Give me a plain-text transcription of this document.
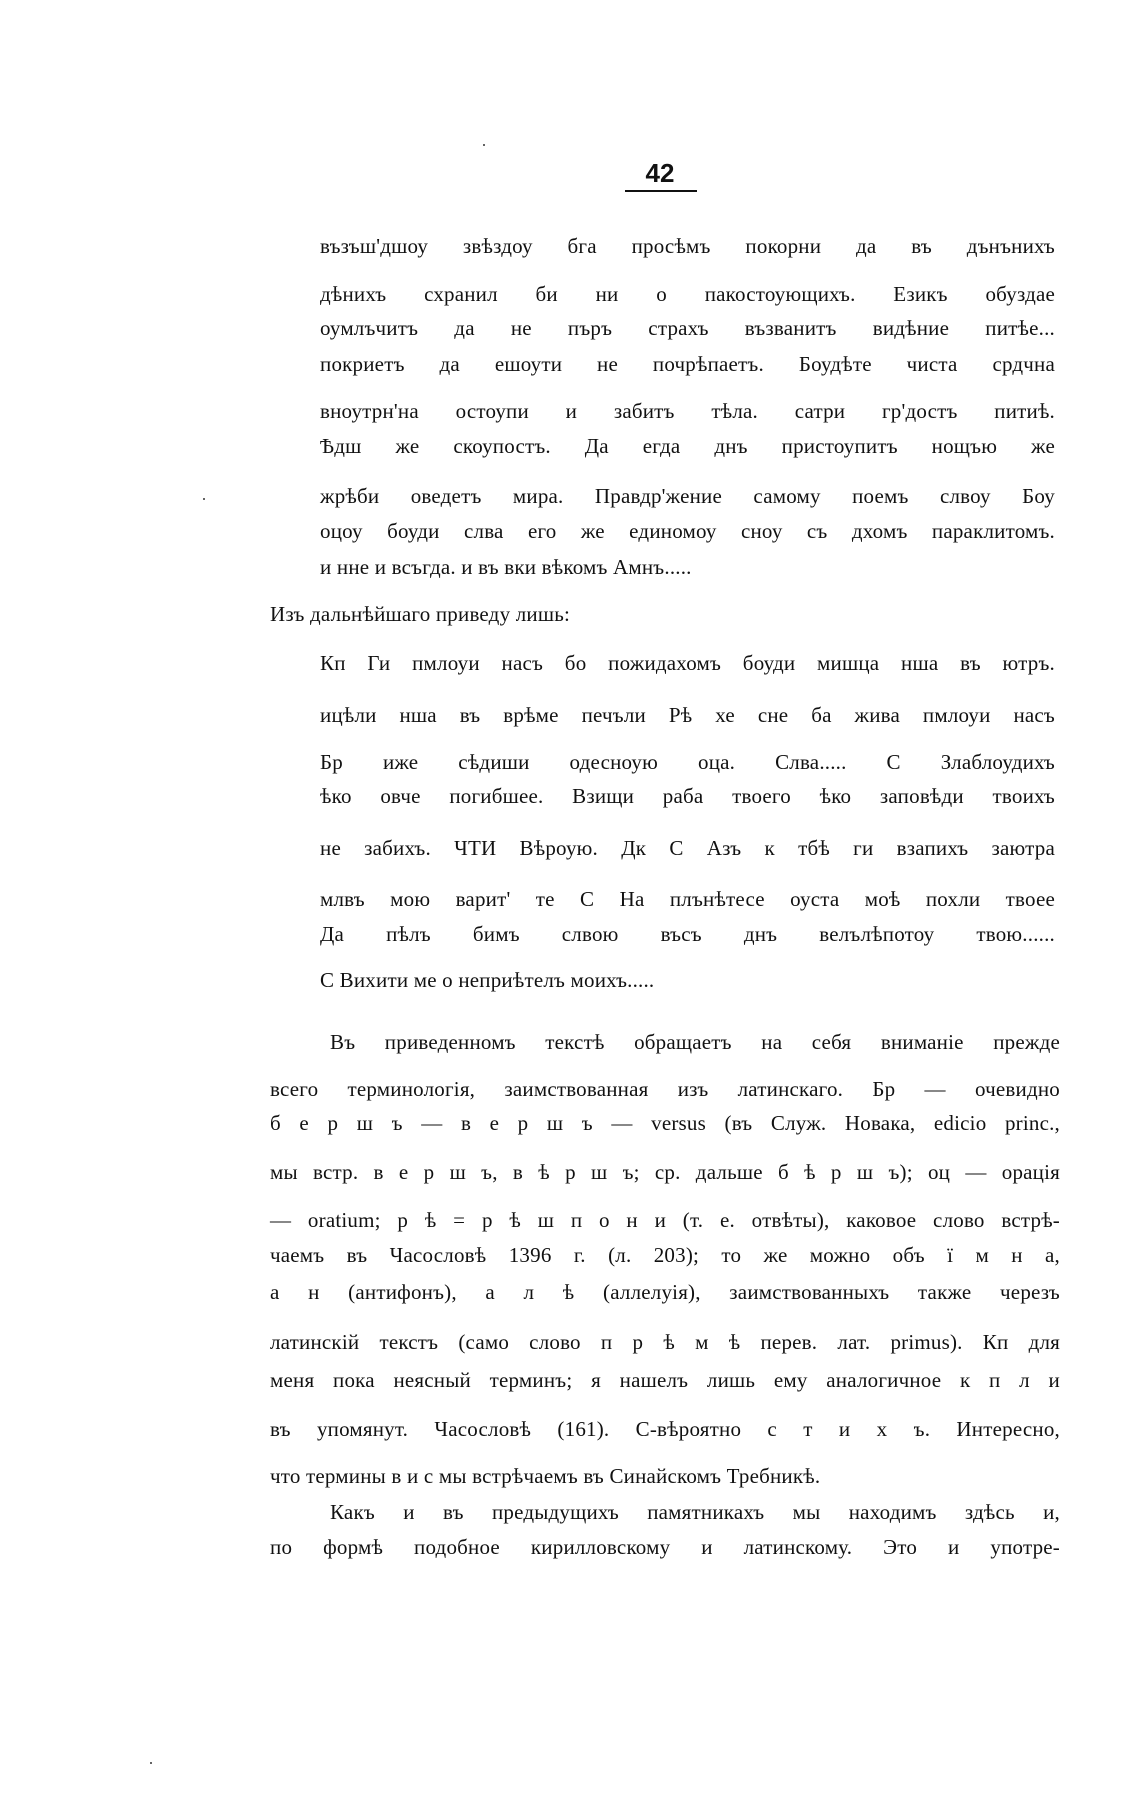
42
възъш'дшоу звѣздоу бга просѣмъ покорни да въ дънънихъ
дѣнихъ схранил би ни о пакостоующихъ. Езикъ обуздае
оумлъчитъ да не пъръ страхъ възванитъ видѣние питѣе...
покриетъ да ешоути не почрѣпаетъ. Боудѣте чиста срдчна
вноутрн'на остоупи и забитъ тѣла. сатри гр'достъ питиѣ.
Ѣдш же скоупостъ. Да егда днъ пристоупитъ нощъю же
жрѣби оведетъ мира. Правдр'жение самому поемъ слвоу Боу
оцоу боуди слва его же единомоу сноу съ дхомъ параклитомъ.
и нне и всъгда. и въ вки вѣкомъ Амнъ.....
Изъ дальнѣйшаго приведу лишь:
Кп Ги пмлоуи насъ бо пожидахомъ боуди мишца нша въ ютръ.
ицѣли нша въ врѣме печъли Рѣ хе сне ба жива пмлоуи насъ
Бр иже сѣдиши одесноую оца. Слва..... С Злаблоудихъ
ѣко овче погибшее. Взищи раба твоего ѣко заповѣди твоихъ
не забихъ. ЧТИ Вѣроую. Дк С Азъ к тбѣ ги взапихъ заютра
млвъ мою варит' те С На плънѣтесе оуста моѣ похли твоее
Да пѣлъ бимъ слвою въсъ днъ велълѣпотоу твою......
С Вихити ме о неприѣтелъ моихъ.....
Въ приведенномъ текстѣ обращаетъ на себя вниманіе прежде
всего терминологія, заимствованная изъ латинскаго. Бр — очевидно
б е р ш ъ — в е р ш ъ — versus (въ Служ. Новака, edicio princ.,
мы встр. в е р ш ъ, в ѣ р ш ъ; ср. дальше б ѣ р ш ъ); оц — орація
— oratium; р ѣ = р ѣ ш п о н и (т. е. отвѣты), каковое слово встрѣ-
чаемъ въ Часословѣ 1396 г. (л. 203); то же можно объ ї м н а,
а н (антифонъ), а л ѣ (аллелуія), заимствованныхъ также черезъ
латинскій текстъ (само слово п р ѣ м ѣ перев. лат. primus). Кп для
меня пока неясный терминъ; я нашелъ лишь ему аналогичное к п л и
въ упомянут. Часословѣ (161). С-вѣроятно с т и х ъ. Интересно,
что термины в и с мы встрѣчаемъ въ Синайскомъ Требникѣ.
Какъ и въ предыдущихъ памятникахъ мы находимъ здѣсь и,
по формѣ подобное кирилловскому и латинскому. Это и употре-
